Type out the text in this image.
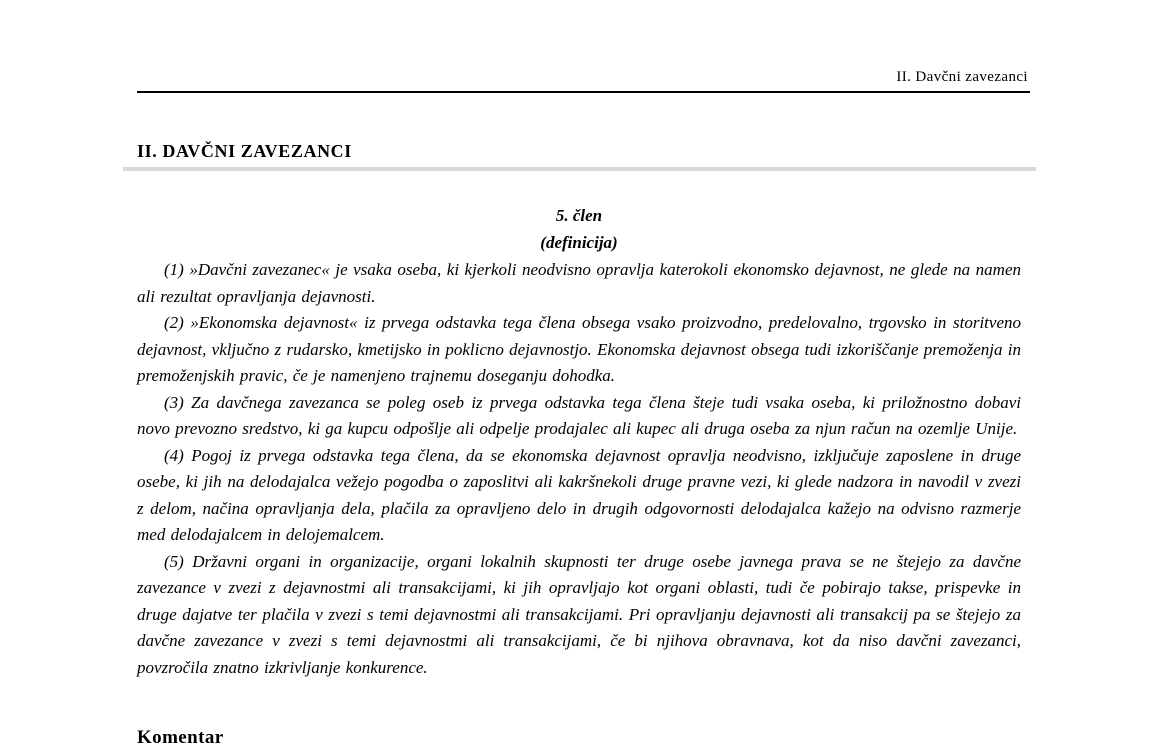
II. Davčni zavezanci
II. DAVČNI ZAVEZANCI
5. člen
(definicija)

(1) »Davčni zavezanec« je vsaka oseba, ki kjerkoli neodvisno opravlja katerokoli ekonomsko dejavnost, ne glede na namen ali rezultat opravljanja dejavnosti.

(2) »Ekonomska dejavnost« iz prvega odstavka tega člena obsega vsako proizvodno, predelovalno, trgovsko in storitveno dejavnost, vključno z rudarsko, kmetijsko in poklicno dejavnostjo. Ekonomska dejavnost obsega tudi izkoriščanje premoženja in premoženjskih pravic, če je namenjeno trajnemu doseganju dohodka.

(3) Za davčnega zavezanca se poleg oseb iz prvega odstavka tega člena šteje tudi vsaka oseba, ki priložnostno dobavi novo prevozno sredstvo, ki ga kupcu odpošlje ali odpelje prodajalec ali kupec ali druga oseba za njun račun na ozemlje Unije.

(4) Pogoj iz prvega odstavka tega člena, da se ekonomska dejavnost opravlja neodvisno, izključuje zaposlene in druge osebe, ki jih na delodajalca vežejo pogodba o zaposlitvi ali kakršnekoli druge pravne vezi, ki glede nadzora in navodil v zvezi z delom, načina opravljanja dela, plačila za opravljeno delo in drugih odgovornosti delodajalca kažejo na odvisno razmerje med delodajalcem in delojemalcem.

(5) Državni organi in organizacije, organi lokalnih skupnosti ter druge osebe javnega prava se ne štejejo za davčne zavezance v zvezi z dejavnostmi ali transakcijami, ki jih opravljajo kot organi oblasti, tudi če pobirajo takse, prispevke in druge dajatve ter plačila v zvezi s temi dejavnostmi ali transakcijami. Pri opravljanju dejavnosti ali transakcij pa se štejejo za davčne zavezance v zvezi s temi dejavnostmi ali transakcijami, če bi njihova obravnava, kot da niso davčni zavezanci, povzročila znatno izkrivljanje konkurence.

Komentar
